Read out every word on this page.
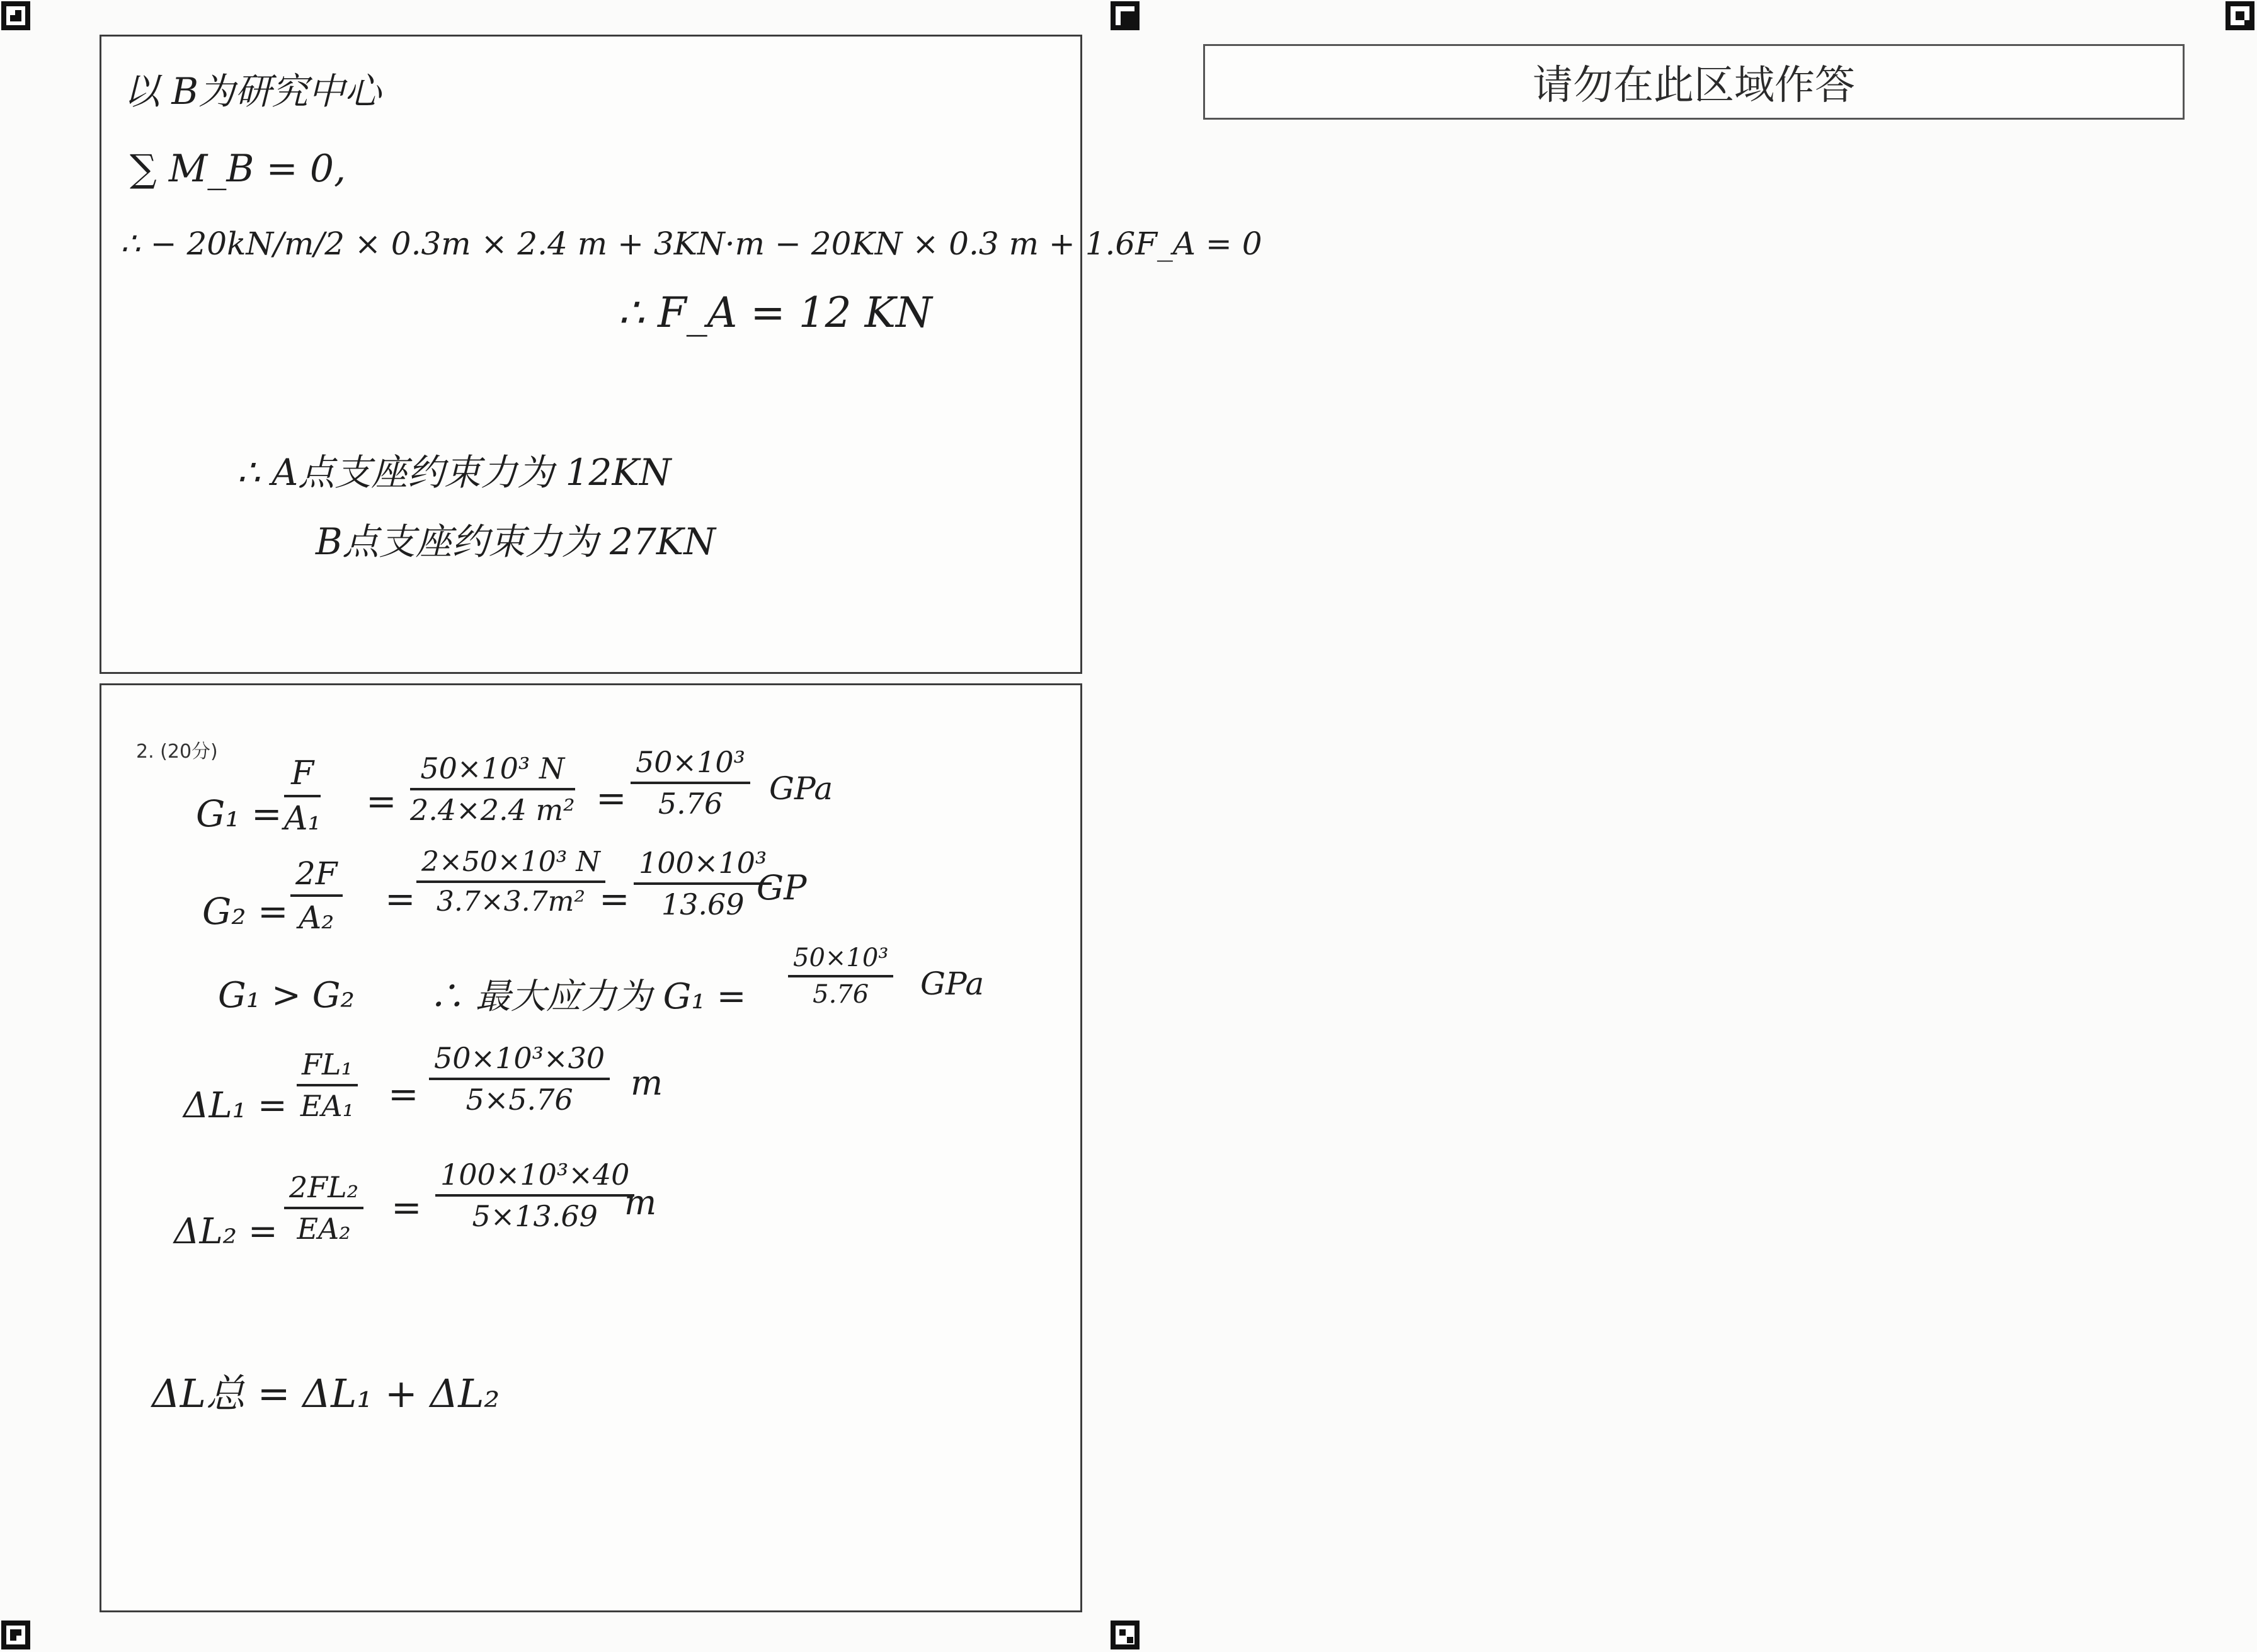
以 B为研究中心
∑ M_B = 0,
∴ − 20kN/m/2 × 0.3m × 2.4 m + 3KN·m − 20KN × 0.3 m + 1.6F_A = 0
∴ F_A = 12 KN
∴ A点支座约束力为 12KN
B点支座约束力为 27KN
2. (20分)
$G_1 = \frac{F}{\text{A₁}} = \frac{\text{50×10³ N}}{\text{2.4×2.4 m²}} = \frac{\text{50×10³}}{5.76}$ GPa
$G_2 = \frac{2F}{\text{A₂}} = \frac{\text{2×50×10³ N}}{\text{3.7×3.7m²}}$
= $\frac{\text{100×10³}}{13.69}$
GP
G₁ > G₂ ∴ 最大应力为 $G_1 = \frac{\text{50×10³}}{5.76}$ GPa
$\Delta L_1 = \frac{\text{FL₁}}{\text{EA₁}} = \frac{\text{50×10³×30}}{5\times 5.76}$ m
$\Delta L_2 = \frac{\text{2FL₂}}{\text{EA₂}} = \frac{\text{100×10³×40}}{5\times 13.69}$
m
ΔL总 = ΔL₁ + ΔL₂
请勿在此区域作答
